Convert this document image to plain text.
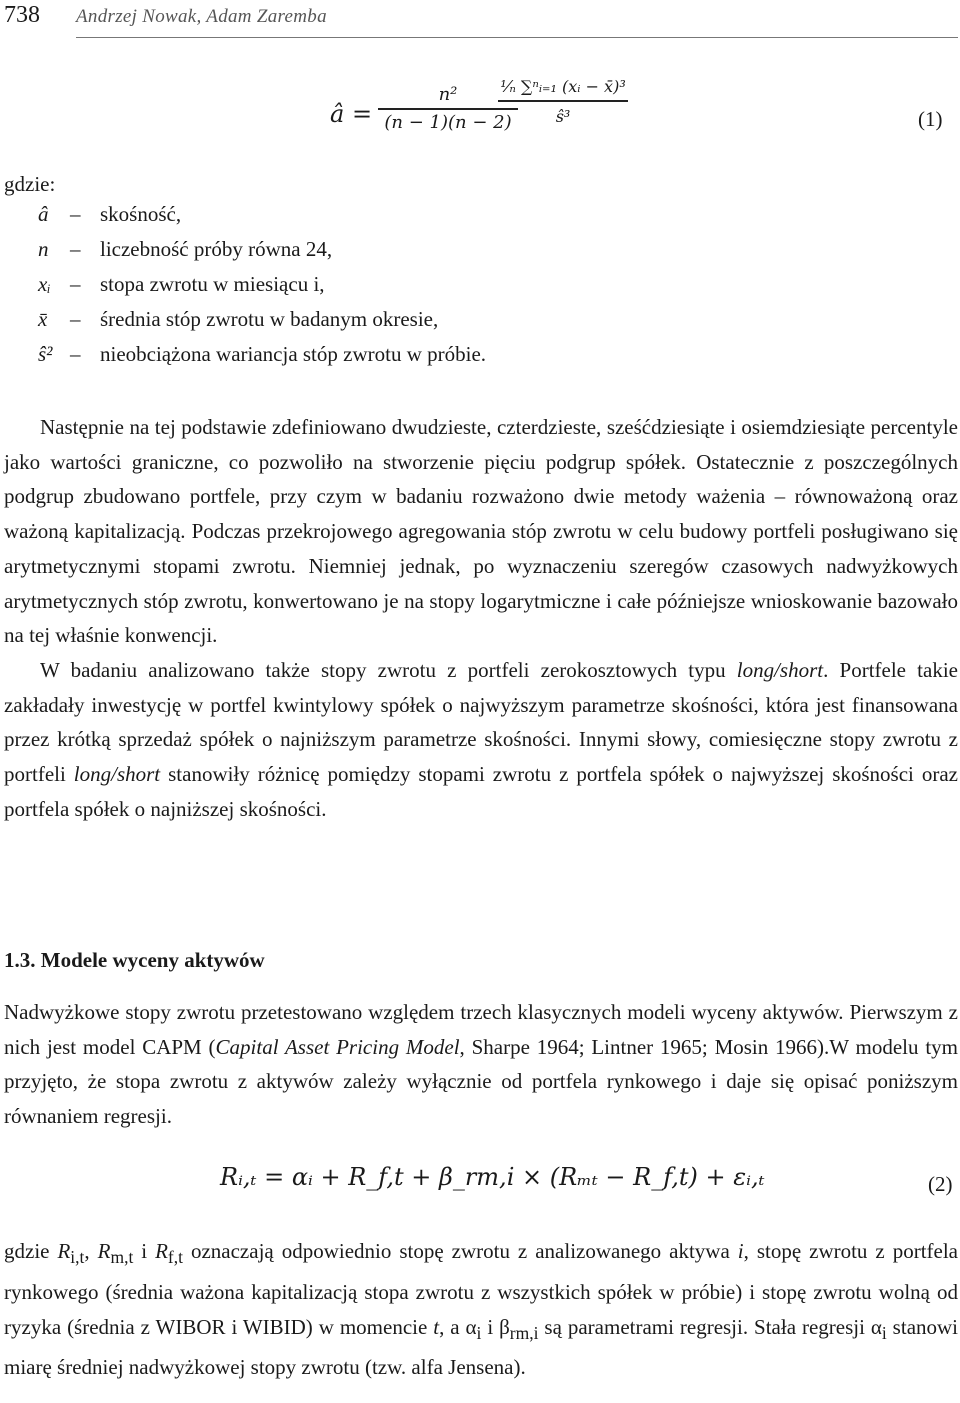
738 Andrzej Nowak, Adam Zaremba
â =
n²
(n − 1)(n − 2)
¹⁄ₙ ∑ⁿᵢ₌₁ (xᵢ − x̄)³
ŝ³	(1)
gdzie:
â – skośność,
n – liczebność próby równa 24,
xᵢ – stopa zwrotu w miesiącu i,
x̄ – średnia stóp zwrotu w badanym okresie,
ŝ² – nieobciążona wariancja stóp zwrotu w próbie.

Następnie na tej podstawie zdefiniowano dwudzieste, czterdzieste, sześćdziesiąte i osiemdziesiąte percentyle jako wartości graniczne, co pozwoliło na stworzenie pięciu podgrup spółek. Ostatecznie z poszczególnych podgrup zbudowano portfele, przy czym w badaniu rozważono dwie metody ważenia – równoważoną oraz ważoną kapitalizacją. Podczas przekrojowego agregowania stóp zwrotu w celu budowy portfeli posługiwano się arytmetycznymi stopami zwrotu. Niemniej jednak, po wyznaczeniu szeregów czasowych nadwyżkowych arytmetycznych stóp zwrotu, konwertowano je na stopy logarytmiczne i całe późniejsze wnioskowanie bazowało na tej właśnie konwencji.

W badaniu analizowano także stopy zwrotu z portfeli zerokosztowych typu long/short. Portfele takie zakładały inwestycję w portfel kwintylowy spółek o najwyższym parametrze skośności, która jest finansowana przez krótką sprzedaż spółek o najniższym parametrze skośności. Innymi słowy, comiesięczne stopy zwrotu z portfeli long/short stanowiły różnicę pomiędzy stopami zwrotu z portfela spółek o najwyższej skośności oraz portfela spółek o najniższej skośności.

1.3. Modele wyceny aktywów

Nadwyżkowe stopy zwrotu przetestowano względem trzech klasycznych modeli wyceny aktywów. Pierwszym z nich jest model CAPM (Capital Asset Pricing Model, Sharpe 1964; Lintner 1965; Mosin 1966).W modelu tym przyjęto, że stopa zwrotu z aktywów zależy wyłącznie od portfela rynkowego i daje się opisać poniższym równaniem regresji.

Rᵢ,ₜ = αᵢ + R_f,t + β_rm,i × (Rₘₜ − R_f,t) + εᵢ,ₜ	(2)

gdzie $R_{i,t}$, $R_{m,t}$ i $R_{f,t}$ oznaczają odpowiednio stopę zwrotu z analizowanego aktywa i, stopę zwrotu z portfela rynkowego (średnia ważona kapitalizacją stopa zwrotu z wszystkich spółek w próbie) i stopę zwrotu wolną od ryzyka (średnia z WIBOR i WIBID) w momencie t, a $\alpha_i$ i $\beta_{rm,i}$ są parametrami regresji. Stała regresji $\alpha_i$ stanowi miarę średniej nadwyżkowej stopy zwrotu (tzw. alfa Jensena).
